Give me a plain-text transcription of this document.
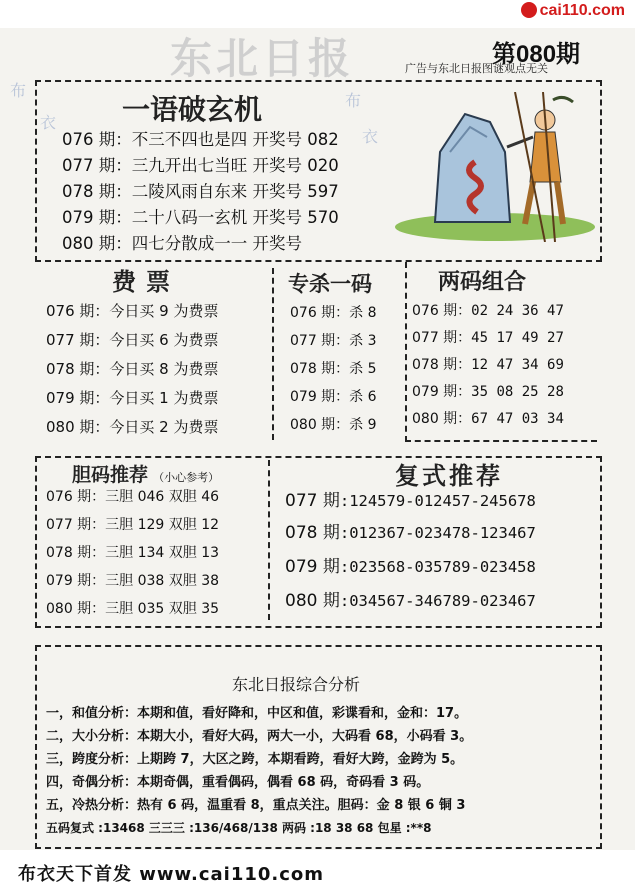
cai110.com
东北日报	第080期
广告与东北日报图谜观点无关
布
衣
布
衣
一语破玄机
076 期：不三不四也是四 开奖号 082
077 期：三九开出七当旺 开奖号 020
078 期：二陵风雨自东来 开奖号 597
079 期：二十八码一玄机 开奖号 570
080 期：四七分散成一一 开奖号
费票
076 期：今日买 9 为费票
077 期：今日买 6 为费票
078 期：今日买 8 为费票
079 期：今日买 1 为费票
080 期：今日买 2 为费票
专杀一码
076 期：杀 8
077 期：杀 3
078 期：杀 5
079 期：杀 6
080 期：杀 9
两码组合
076 期：02 24 36 47
077 期：45 17 49 27
078 期：12 47 34 69
079 期：35 08 25 28
080 期：67 47 03 34
胆码推荐 （小心参考）
076 期：三胆 046 双胆 46
077 期：三胆 129 双胆 12
078 期：三胆 134 双胆 13
079 期：三胆 038 双胆 38
080 期：三胆 035 双胆 35
复式推荐
077 期:124579-012457-245678
078 期:012367-023478-123467
079 期:023568-035789-023458
080 期:034567-346789-023467
东北日报综合分析
一，和值分析：本期和值，看好降和，中区和值，彩谍看和，金和：17。
二，大小分析：本期大小，看好大码，两大一小，大码看 68，小码看 3。
三，跨度分析：上期跨 7，大区之跨，本期看跨，看好大跨，金跨为 5。
四，奇偶分析：本期奇偶，重看偶码，偶看 68 码，奇码看 3 码。
五，冷热分析：热有 6 码，温重看 8，重点关注。胆码：金 8 银 6 铜 3
五码复式 :13468 三三三 :136/468/138 两码 :18 38 68 包星 :**8
布衣天下首发 www.cai110.com
